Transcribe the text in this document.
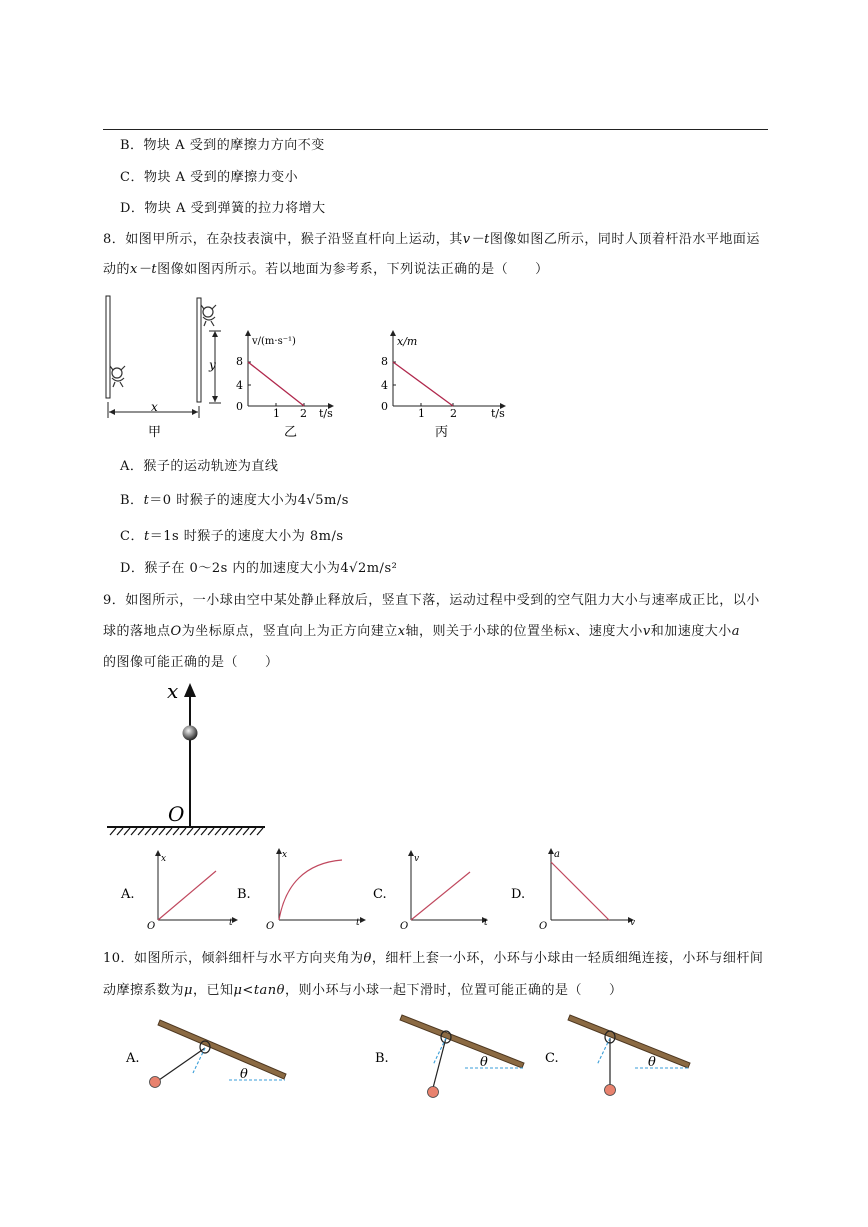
B．物块 A 受到的摩擦力方向不变
C．物块 A 受到的摩擦力变小
D．物块 A 受到弹簧的拉力将增大
8．如图甲所示，在杂技表演中，猴子沿竖直杆向上运动，其v－t图像如图乙所示，同时人顶着杆沿水平地面运
动的x－t图像如图丙所示。若以地面为参考系，下列说法正确的是（　　）
y
x
甲
v/(m·s⁻¹)
t/s
8
4
0
1 2
乙
x/m
t/s
8
4
0
1 2
丙
A．猴子的运动轨迹为直线
B．t＝0 时猴子的速度大小为4√5m/s
C．t＝1s 时猴子的速度大小为 8m/s
D．猴子在 0～2s 内的加速度大小为4√2m/s²
9．如图所示，一小球由空中某处静止释放后，竖直下落，运动过程中受到的空气阻力大小与速率成正比，以小
球的落地点O为坐标原点，竖直向上为正方向建立x轴，则关于小球的位置坐标x、速度大小v和加速度大小a
的图像可能正确的是（　　）
x
O
A.
x
t
O
B.
x
t
O
C.
v
t
O
D.
a
v
O
10．如图所示，倾斜细杆与水平方向夹角为θ，细杆上套一小环，小环与小球由一轻质细绳连接，小环与细杆间
动摩擦系数为μ，已知μ<tanθ，则小环与小球一起下滑时，位置可能正确的是（　　）
A.
θ
B.	θ	C.	θ
